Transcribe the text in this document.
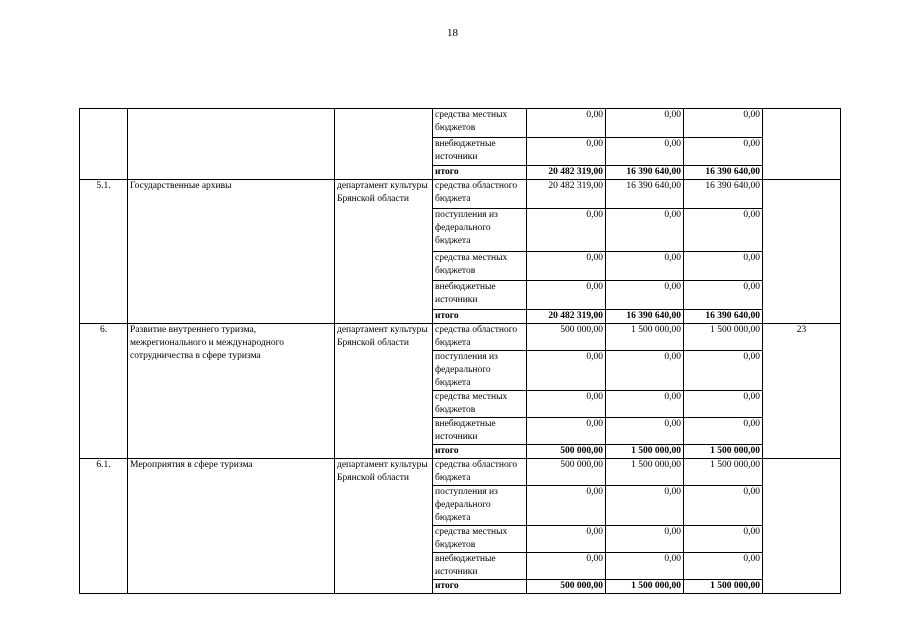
18
			средства местных бюджетов	0,00	0,00	0,00	
			внебюджетные источники	0,00	0,00	0,00	
			итого	20 482 319,00	16 390 640,00	16 390 640,00	
5.1.	Государственные архивы	департамент культуры Брянской области	средства областного бюджета	20 482 319,00	16 390 640,00	16 390 640,00	
			поступления из федерального бюджета	0,00	0,00	0,00	
			средства местных бюджетов	0,00	0,00	0,00	
			внебюджетные источники	0,00	0,00	0,00	
			итого	20 482 319,00	16 390 640,00	16 390 640,00	
6.	Развитие внутреннего туризма, межрегионального и международного сотрудничества в сфере туризма	департамент культуры Брянской области	средства областного бюджета	500 000,00	1 500 000,00	1 500 000,00	23
			поступления из федерального бюджета	0,00	0,00	0,00	
			средства местных бюджетов	0,00	0,00	0,00	
			внебюджетные источники	0,00	0,00	0,00	
			итого	500 000,00	1 500 000,00	1 500 000,00	
6.1.	Мероприятия в сфере туризма	департамент культуры Брянской области	средства областного бюджета	500 000,00	1 500 000,00	1 500 000,00	
			поступления из федерального бюджета	0,00	0,00	0,00	
			средства местных бюджетов	0,00	0,00	0,00	
			внебюджетные источники	0,00	0,00	0,00	
			итого	500 000,00	1 500 000,00	1 500 000,00	
